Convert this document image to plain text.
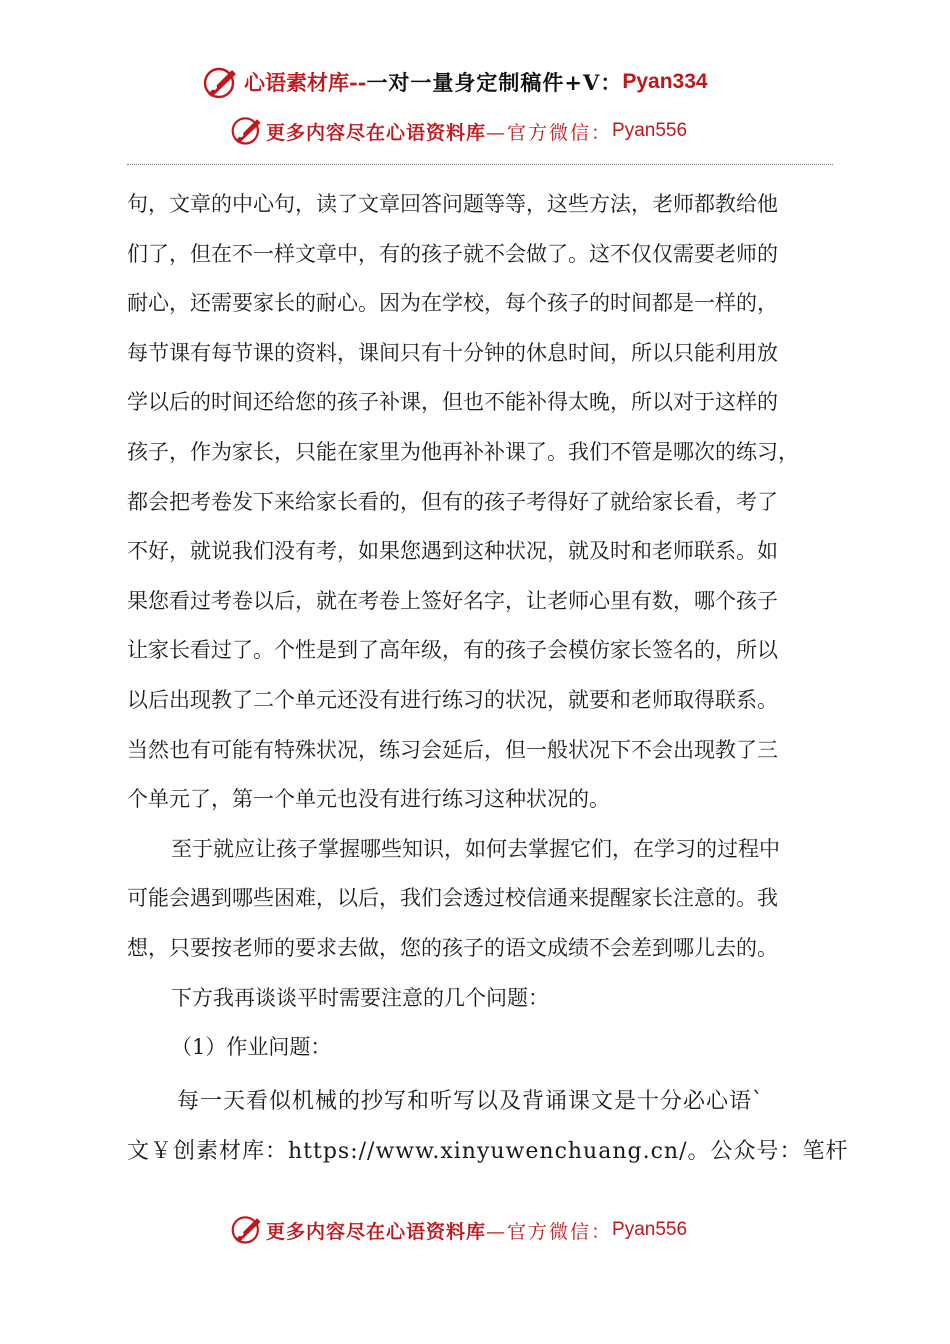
心语素材库-- 一对一量身定制稿件+V： Pyan334
更多内容尽在心语资料库 —官方微信： Pyan556
句，文章的中心句，读了文章回答问题等等，这些方法，老师都教给他
们了，但在不一样文章中，有的孩子就不会做了。这不仅仅需要老师的
耐心，还需要家长的耐心。因为在学校，每个孩子的时间都是一样的，
每节课有每节课的资料，课间只有十分钟的休息时间，所以只能利用放
学以后的时间还给您的孩子补课，但也不能补得太晚，所以对于这样的
孩子，作为家长，只能在家里为他再补补课了。我们不管是哪次的练习，
都会把考卷发下来给家长看的，但有的孩子考得好了就给家长看，考了
不好，就说我们没有考，如果您遇到这种状况，就及时和老师联系。如
果您看过考卷以后，就在考卷上签好名字，让老师心里有数，哪个孩子
让家长看过了。个性是到了高年级，有的孩子会模仿家长签名的，所以
以后出现教了二个单元还没有进行练习的状况，就要和老师取得联系。
当然也有可能有特殊状况，练习会延后，但一般状况下不会出现教了三
个单元了，第一个单元也没有进行练习这种状况的。
至于就应让孩子掌握哪些知识，如何去掌握它们，在学习的过程中
可能会遇到哪些困难，以后，我们会透过校信通来提醒家长注意的。我
想，只要按老师的要求去做，您的孩子的语文成绩不会差到哪儿去的。
下方我再谈谈平时需要注意的几个问题：
（1）作业问题：
每一天看似机械的抄写和听写以及背诵课文是十分必心语`
文￥创素材库：https://www.xinyuwenchuang.cn/。公众号：笔杆
更多内容尽在心语资料库 —官方微信： Pyan556
